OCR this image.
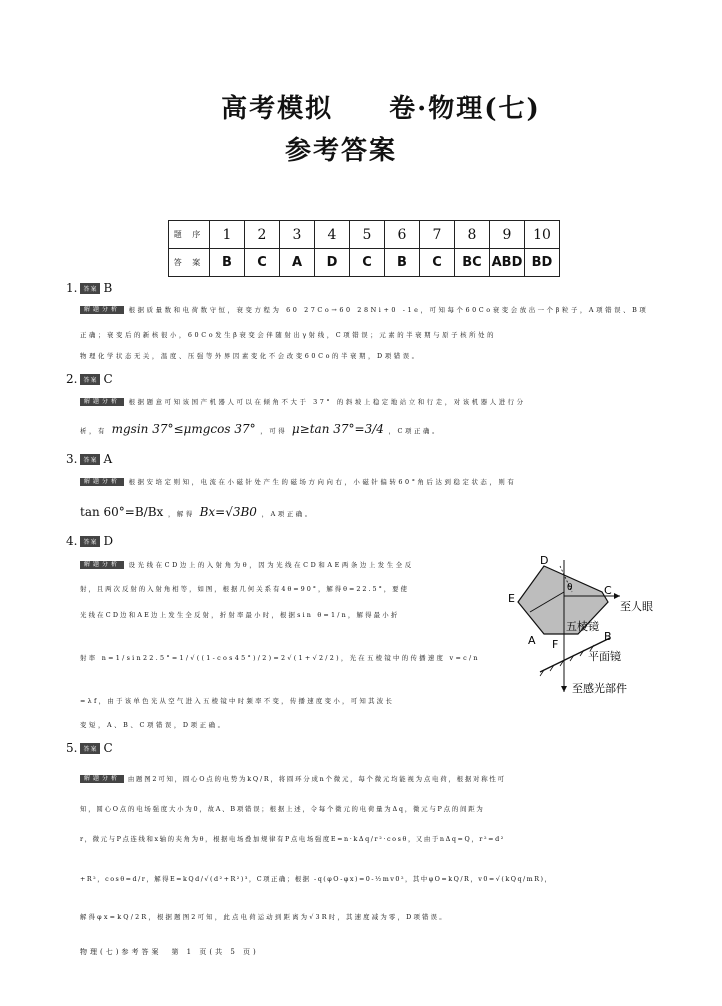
高考模拟　　卷·物理(七)
参考答案
题 序	1	2	3	4	5	6	7	8	9	10
答 案	B	C	A	D	C	B	C	BC	ABD	BD
1. 答案 B
解题分析 根据质量数和电荷数守恒，衰变方程为 60 27Co→60 28Ni+0 -1e，可知每个60Co衰变会放出一个β粒子，A项错误、B项
正确；衰变后的新核很小，60Co发生β衰变会伴随射出γ射线，C项错误；元素的半衰期与原子核所处的
物理化学状态无关，温度、压强等外界因素变化不会改变60Co的半衰期，D项错误。
2. 答案 C
解题分析 根据题意可知该国产机器人可以在倾角不大于 37° 的斜坡上稳定地站立和行走，对该机器人进行分
析，有 mgsin 37°≤μmgcos 37° ，可得 μ≥tan 37°=3/4 ，C项正确。
3. 答案 A
解题分析 根据安培定则知，电流在小磁针处产生的磁场方向向右，小磁针偏转60°角后达到稳定状态，则有
tan 60°=B/Bx ，解得 Bx=√3B0 ，A项正确。
4. 答案 D
解题分析 设光线在CD边上的入射角为θ，因为光线在CD和AE两条边上发生全反
射，且两次反射的入射角相等，如图，根据几何关系有4θ=90°，解得θ=22.5°，要使
光线在CD边和AE边上发生全反射，折射率最小时，根据sin θ=1/n，解得最小折
射率 n=1/sin22.5°=1/√((1-cos45°)/2)=2√(1+√2/2)，光在五棱镜中的传播速度 v=c/n
=λf，由于该单色光从空气进入五棱镜中时频率不变，传播速度变小，可知其波长
变短，A、B、C项错误，D项正确。
D
C
E
A	B
F
θ
至人眼
五棱镜
平面镜
至感光部件
5. 答案 C
解题分析 由题图2可知，圆心O点的电势为kQ/R，将圆环分成n个微元，每个微元均能视为点电荷，根据对称性可
知，圆心O点的电场强度大小为0，故A、B项错误；根据上述，令每个微元的电荷量为Δq，微元与P点的间距为
r，微元与P点连线和x轴的夹角为θ，根据电场叠加规律有P点电场强度E=n·kΔq/r²·cosθ，又由于nΔq=Q，r²=d²
+R²，cosθ=d/r，解得E=kQd/√(d²+R²)³，C项正确；根据 -q(φO-φx)=0-½mv0²，其中φO=kQ/R，v0=√(kQq/mR)，
解得φx=kQ/2R，根据题图2可知，此点电荷运动到距离为√3R时，其速度减为零，D项错误。
物理(七)参考答案　第 1 页(共 5 页)
